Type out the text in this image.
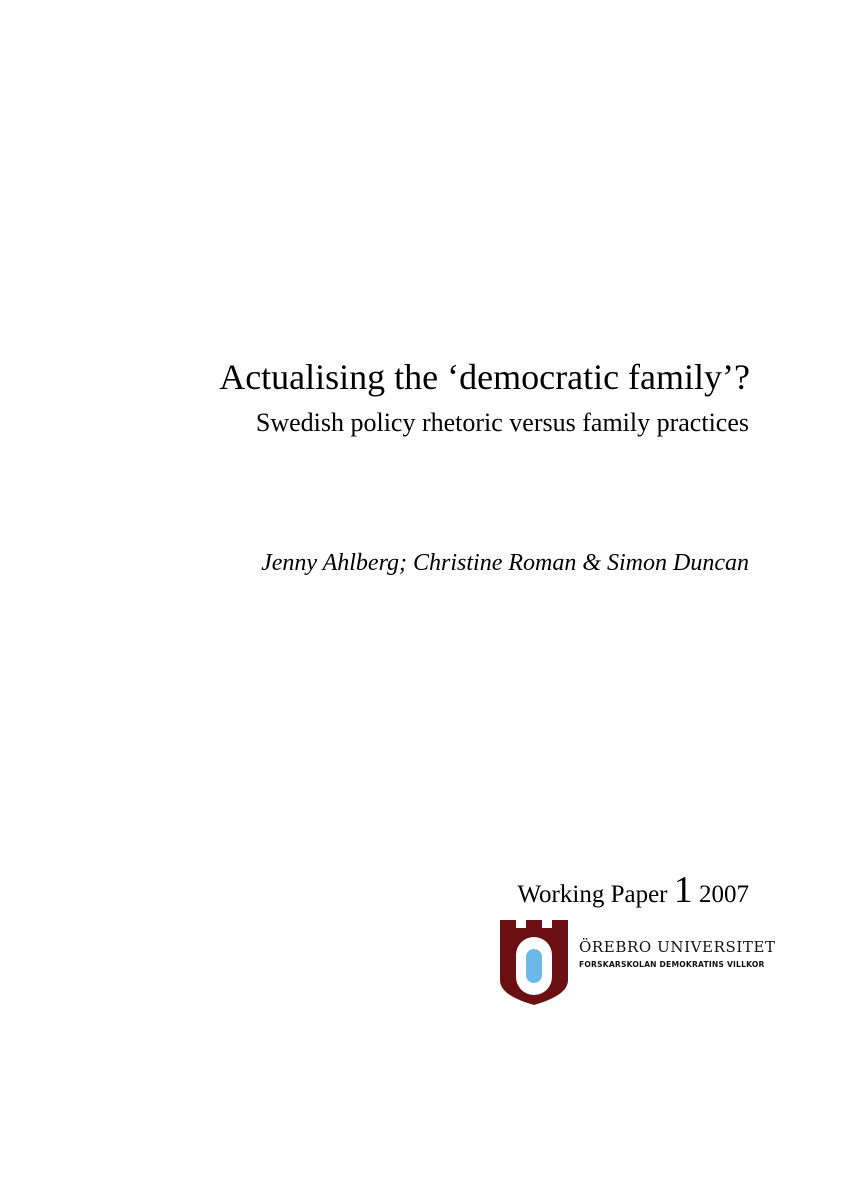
Actualising the ‘democratic family’?
Swedish policy rhetoric versus family practices
Jenny Ahlberg; Christine Roman & Simon Duncan
Working Paper 1 2007
ÖREBRO UNIVERSITET
FORSKARSKOLAN DEMOKRATINS VILLKOR
